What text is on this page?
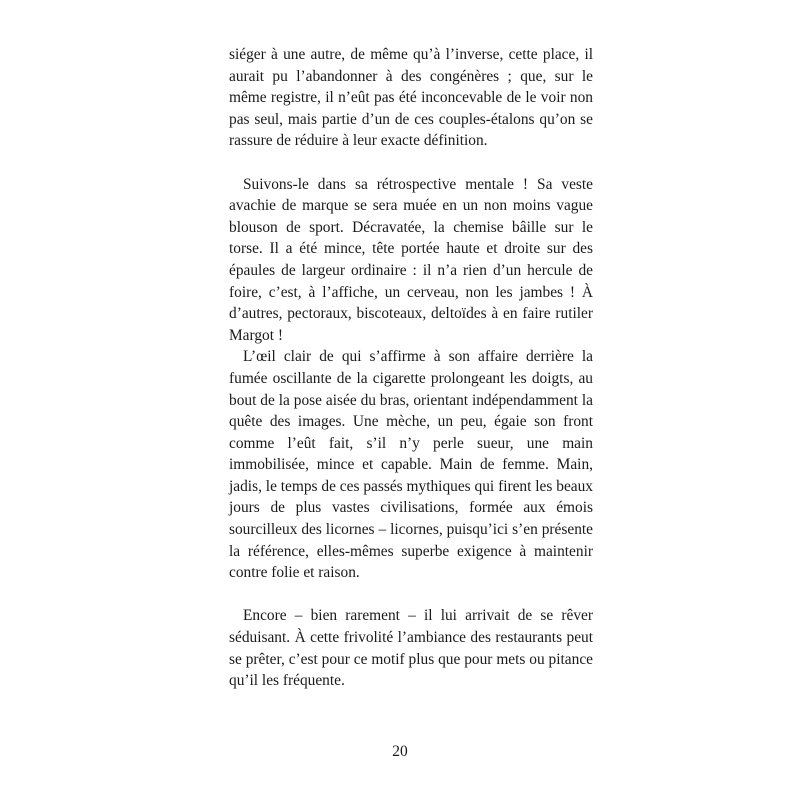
siéger à une autre, de même qu’à l’inverse, cette place, il aurait pu l’abandonner à des congénères ; que, sur le même registre, il n’eût pas été inconcevable de le voir non pas seul, mais partie d’un de ces couples-étalons qu’on se rassure de réduire à leur exacte définition.

Suivons-le dans sa rétrospective mentale ! Sa veste avachie de marque se sera muée en un non moins vague blouson de sport. Décravatée, la chemise bâille sur le torse. Il a été mince, tête portée haute et droite sur des épaules de largeur ordinaire : il n’a rien d’un hercule de foire, c’est, à l’affiche, un cerveau, non les jambes ! À d’autres, pectoraux, biscoteaux, deltoïdes à en faire rutiler Margot !

L’œil clair de qui s’affirme à son affaire derrière la fumée oscillante de la cigarette prolongeant les doigts, au bout de la pose aisée du bras, orientant indépendamment la quête des images. Une mèche, un peu, égaie son front comme l’eût fait, s’il n’y perle sueur, une main immobilisée, mince et capable. Main de femme. Main, jadis, le temps de ces passés mythiques qui firent les beaux jours de plus vastes civilisations, formée aux émois sourcilleux des licornes – licornes, puisqu’ici s’en présente la référence, elles-mêmes superbe exigence à maintenir contre folie et raison.

Encore – bien rarement – il lui arrivait de se rêver séduisant. À cette frivolité l’ambiance des restaurants peut se prêter, c’est pour ce motif plus que pour mets ou pitance qu’il les fréquente.

20
